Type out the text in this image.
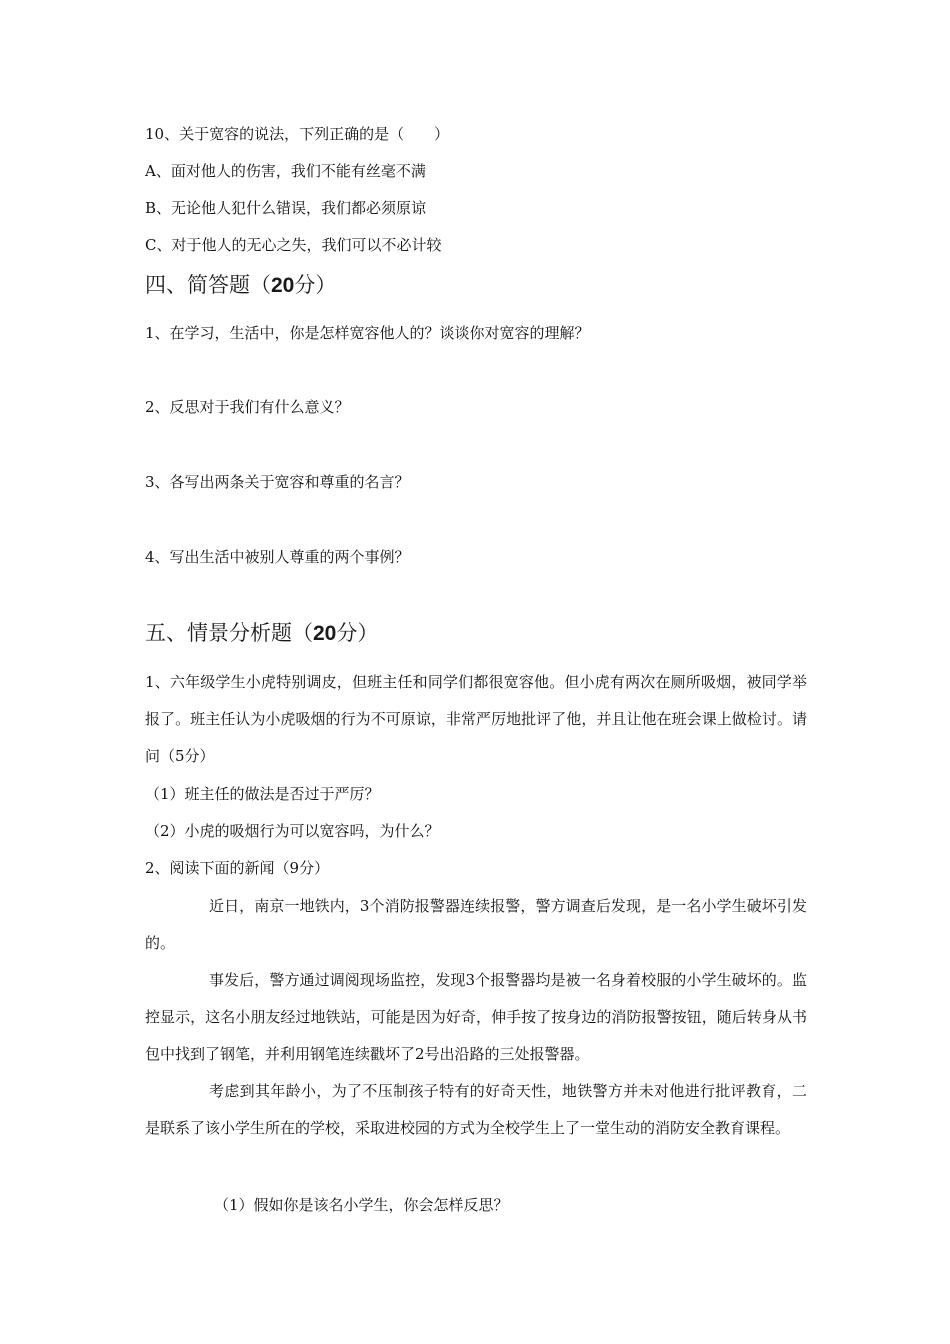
10、关于宽容的说法，下列正确的是（　　）
A、面对他人的伤害，我们不能有丝毫不满
B、无论他人犯什么错误，我们都必须原谅
C、对于他人的无心之失，我们可以不必计较
四、简答题（20分）
1、在学习，生活中，你是怎样宽容他人的？谈谈你对宽容的理解？
2、反思对于我们有什么意义？
3、各写出两条关于宽容和尊重的名言？
4、写出生活中被别人尊重的两个事例？
五、情景分析题（20分）
1、六年级学生小虎特别调皮，但班主任和同学们都很宽容他。但小虎有两次在厕所吸烟，被同学举报了。班主任认为小虎吸烟的行为不可原谅，非常严厉地批评了他，并且让他在班会课上做检讨。请问（5分）
（1）班主任的做法是否过于严厉？
（2）小虎的吸烟行为可以宽容吗，为什么？
2、阅读下面的新闻（9分）
近日，南京一地铁内，3个消防报警器连续报警，警方调查后发现，是一名小学生破坏引发的。
事发后，警方通过调阅现场监控，发现3个报警器均是被一名身着校服的小学生破坏的。监控显示，这名小朋友经过地铁站，可能是因为好奇，伸手按了按身边的消防报警按钮，随后转身从书包中找到了钢笔，并利用钢笔连续戳坏了2号出沿路的三处报警器。
考虑到其年龄小，为了不压制孩子特有的好奇天性，地铁警方并未对他进行批评教育，二是联系了该小学生所在的学校，采取进校园的方式为全校学生上了一堂生动的消防安全教育课程。
（1）假如你是该名小学生，你会怎样反思？
